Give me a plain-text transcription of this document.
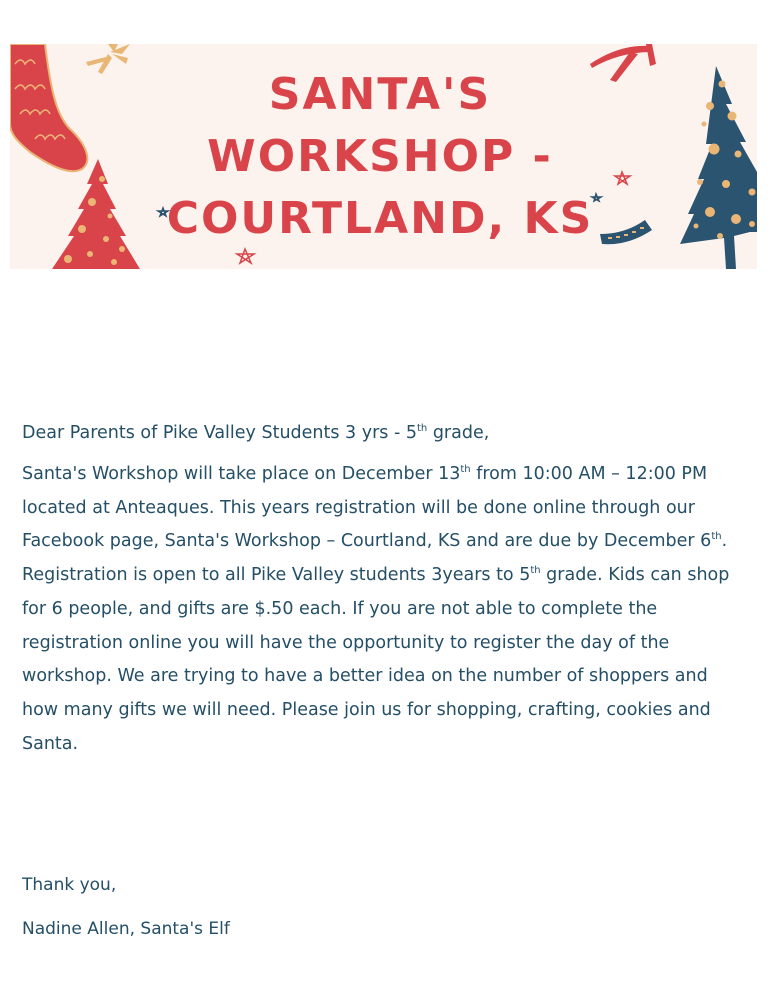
SANTA'S
WORKSHOP -
COURTLAND, KS

Dear Parents of Pike Valley Students 3 yrs - 5th grade,

Santa's Workshop will take place on December 13th from 10:00 AM – 12:00 PM located at Anteaques. This years registration will be done online through our Facebook page, Santa's Workshop – Courtland, KS and are due by December 6th. Registration is open to all Pike Valley students 3years to 5th grade. Kids can shop for 6 people, and gifts are $.50 each. If you are not able to complete the registration online you will have the opportunity to register the day of the workshop. We are trying to have a better idea on the number of shoppers and how many gifts we will need. Please join us for shopping, crafting, cookies and Santa.

Thank you,

Nadine Allen, Santa's Elf
